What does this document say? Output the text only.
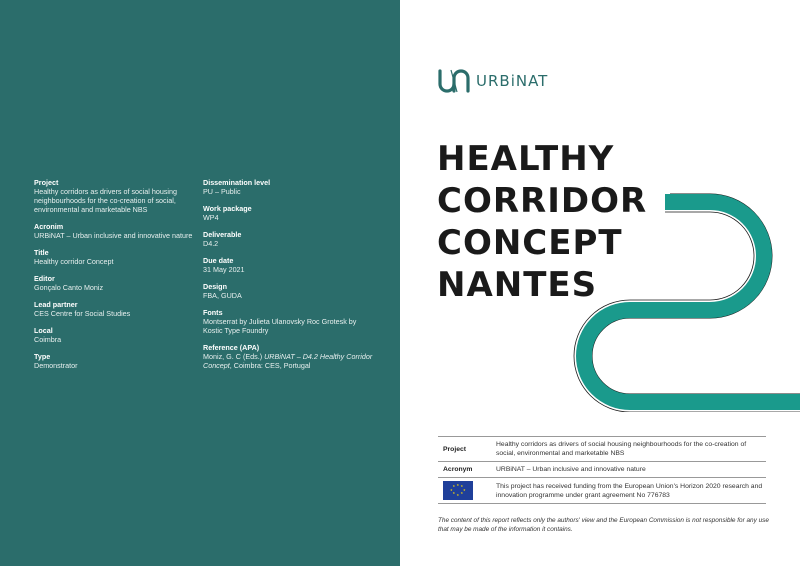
Project
Healthy corridors as drivers of social housing neighbourhoods for the co-creation of social, environmental and marketable NBS
Acronim
URBiNAT – Urban inclusive and innovative nature
Title
Healthy corridor Concept
Editor
Gonçalo Canto Moniz
Lead partner
CES Centre for Social Studies
Local
Coimbra
Type
Demonstrator
Dissemination level
PU – Public
Work package
WP4
Deliverable
D4.2
Due date
31 May 2021
Design
FBA, GUDA
Fonts
Montserrat by Julieta Ulanovsky Roc Grotesk by Kostic Type Foundry
Reference (APA)
Moniz, G. C (Eds.) URBiNAT – D4.2 Healthy Corridor Concept, Coimbra: CES, Portugal
URBiNAT
HEALTHY
CORRIDOR
CONCEPT
NANTES
Project
Healthy corridors as drivers of social housing neighbourhoods for the co-creation of social, environmental and marketable NBS
Acronym	URBiNAT – Urban inclusive and innovative nature
★ ★
★
★
★
★
★
★	This project has received funding from the European Union's Horizon 2020 research and innovation programme under grant agreement No 776783
The content of this report reflects only the authors' view and the European Commission is not responsible for any use that may be made of the information it contains.
